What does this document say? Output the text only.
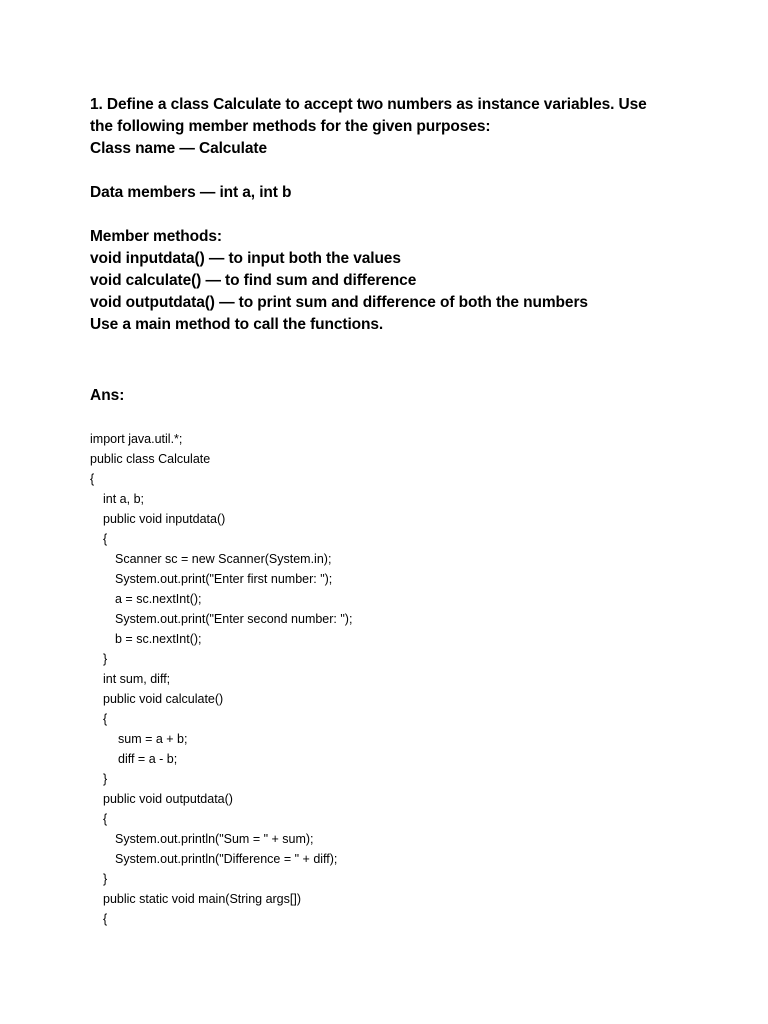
1. Define a class Calculate to accept two numbers as instance variables. Use
the following member methods for the given purposes:
Class name — Calculate
Data members — int a, int b
Member methods:
void inputdata() — to input both the values
void calculate() — to find sum and difference
void outputdata() — to print sum and difference of both the numbers
Use a main method to call the functions.
Ans:
import java.util.*;
public class Calculate
{
int a, b;
public void inputdata()
{
Scanner sc = new Scanner(System.in);
System.out.print("Enter first number: ");
a = sc.nextInt();
System.out.print("Enter second number: ");
b = sc.nextInt();
}
int sum, diff;
public void calculate()
{
sum = a + b;
diff = a - b;
}
public void outputdata()
{
System.out.println("Sum = " + sum);
System.out.println("Difference = " + diff);
}
public static void main(String args[])
{
